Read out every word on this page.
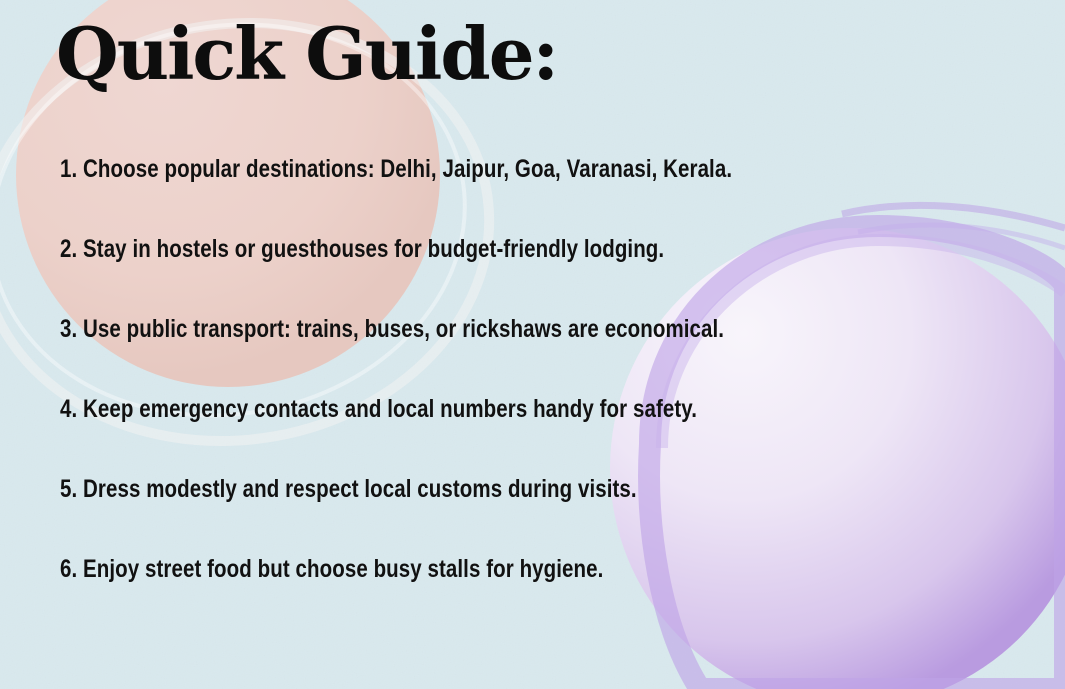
Quick Guide:
1. Choose popular destinations: Delhi, Jaipur, Goa, Varanasi, Kerala.
2. Stay in hostels or guesthouses for budget-friendly lodging.
3. Use public transport: trains, buses, or rickshaws are economical.
4. Keep emergency contacts and local numbers handy for safety.
5. Dress modestly and respect local customs during visits.
6. Enjoy street food but choose busy stalls for hygiene.
